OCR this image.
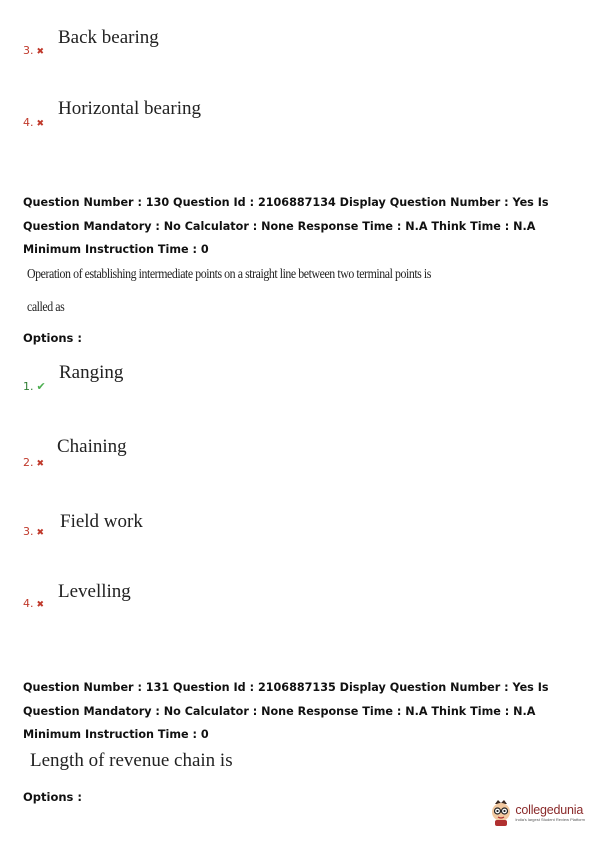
3. ✖
Back bearing
4. ✖
Horizontal bearing
Question Number : 130 Question Id : 2106887134 Display Question Number : Yes Is Question Mandatory : No Calculator : None Response Time : N.A Think Time : N.A Minimum Instruction Time : 0
Operation of establishing intermediate points on a straight line between two terminal points is
called as
Options :
1. ✔
Ranging
2. ✖
Chaining
3. ✖
Field work
4. ✖
Levelling
Question Number : 131 Question Id : 2106887135 Display Question Number : Yes Is Question Mandatory : No Calculator : None Response Time : N.A Think Time : N.A Minimum Instruction Time : 0
Length of revenue chain is
Options :
collegedunia
India's largest Student Review Platform
